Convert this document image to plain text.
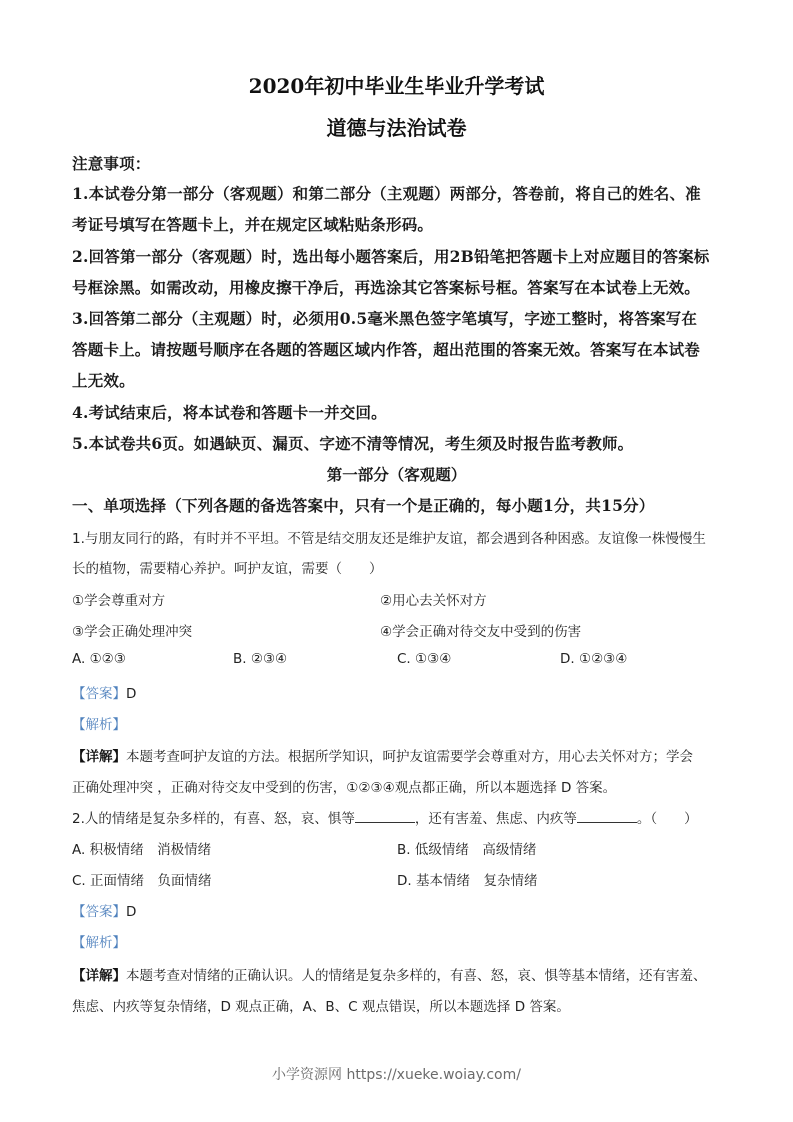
2020年初中毕业生毕业升学考试
道德与法治试卷
注意事项：
1.本试卷分第一部分（客观题）和第二部分（主观题）两部分，答卷前，将自己的姓名、准
考证号填写在答题卡上，并在规定区域粘贴条形码。
2.回答第一部分（客观题）时，选出每小题答案后，用2B铅笔把答题卡上对应题目的答案标
号框涂黑。如需改动，用橡皮擦干净后，再选涂其它答案标号框。答案写在本试卷上无效。
3.回答第二部分（主观题）时，必须用0.5毫米黑色签字笔填写，字迹工整时，将答案写在
答题卡上。请按题号顺序在各题的答题区域内作答，超出范围的答案无效。答案写在本试卷
上无效。
4.考试结束后，将本试卷和答题卡一并交回。
5.本试卷共6页。如遇缺页、漏页、字迹不清等情况，考生须及时报告监考教师。
第一部分（客观题）
一、单项选择（下列各题的备选答案中，只有一个是正确的，每小题1分，共15分）
1.与朋友同行的路，有时并不平坦。不管是结交朋友还是维护友谊，都会遇到各种困惑。友谊像一株慢慢生
长的植物，需要精心养护。呵护友谊，需要（　　）
①学会尊重对方	②用心去关怀对方
③学会正确处理冲突	④学会正确对待交友中受到的伤害
A. ①②③	B. ②③④	C. ①③④	D. ①②③④
【答案】D
【解析】
【详解】本题考查呵护友谊的方法。根据所学知识，呵护友谊需要学会尊重对方，用心去关怀对方；学会
正确处理冲突 ，正确对待交友中受到的伤害，①②③④观点都正确，所以本题选择 D 答案。
2.人的情绪是复杂多样的，有喜、怒，哀、惧等	，还有害羞、焦虑、内疚等	。（　　）
A. 积极情绪　消极情绪	B. 低级情绪　高级情绪
C. 正面情绪　负面情绪	D. 基本情绪　复杂情绪
【答案】D
【解析】
【详解】本题考查对情绪的正确认识。人的情绪是复杂多样的，有喜、怒，哀、惧等基本情绪，还有害羞、
焦虑、内疚等复杂情绪，D 观点正确，A、B、C 观点错误，所以本题选择 D 答案。
小学资源网 https://xueke.woiay.com/
